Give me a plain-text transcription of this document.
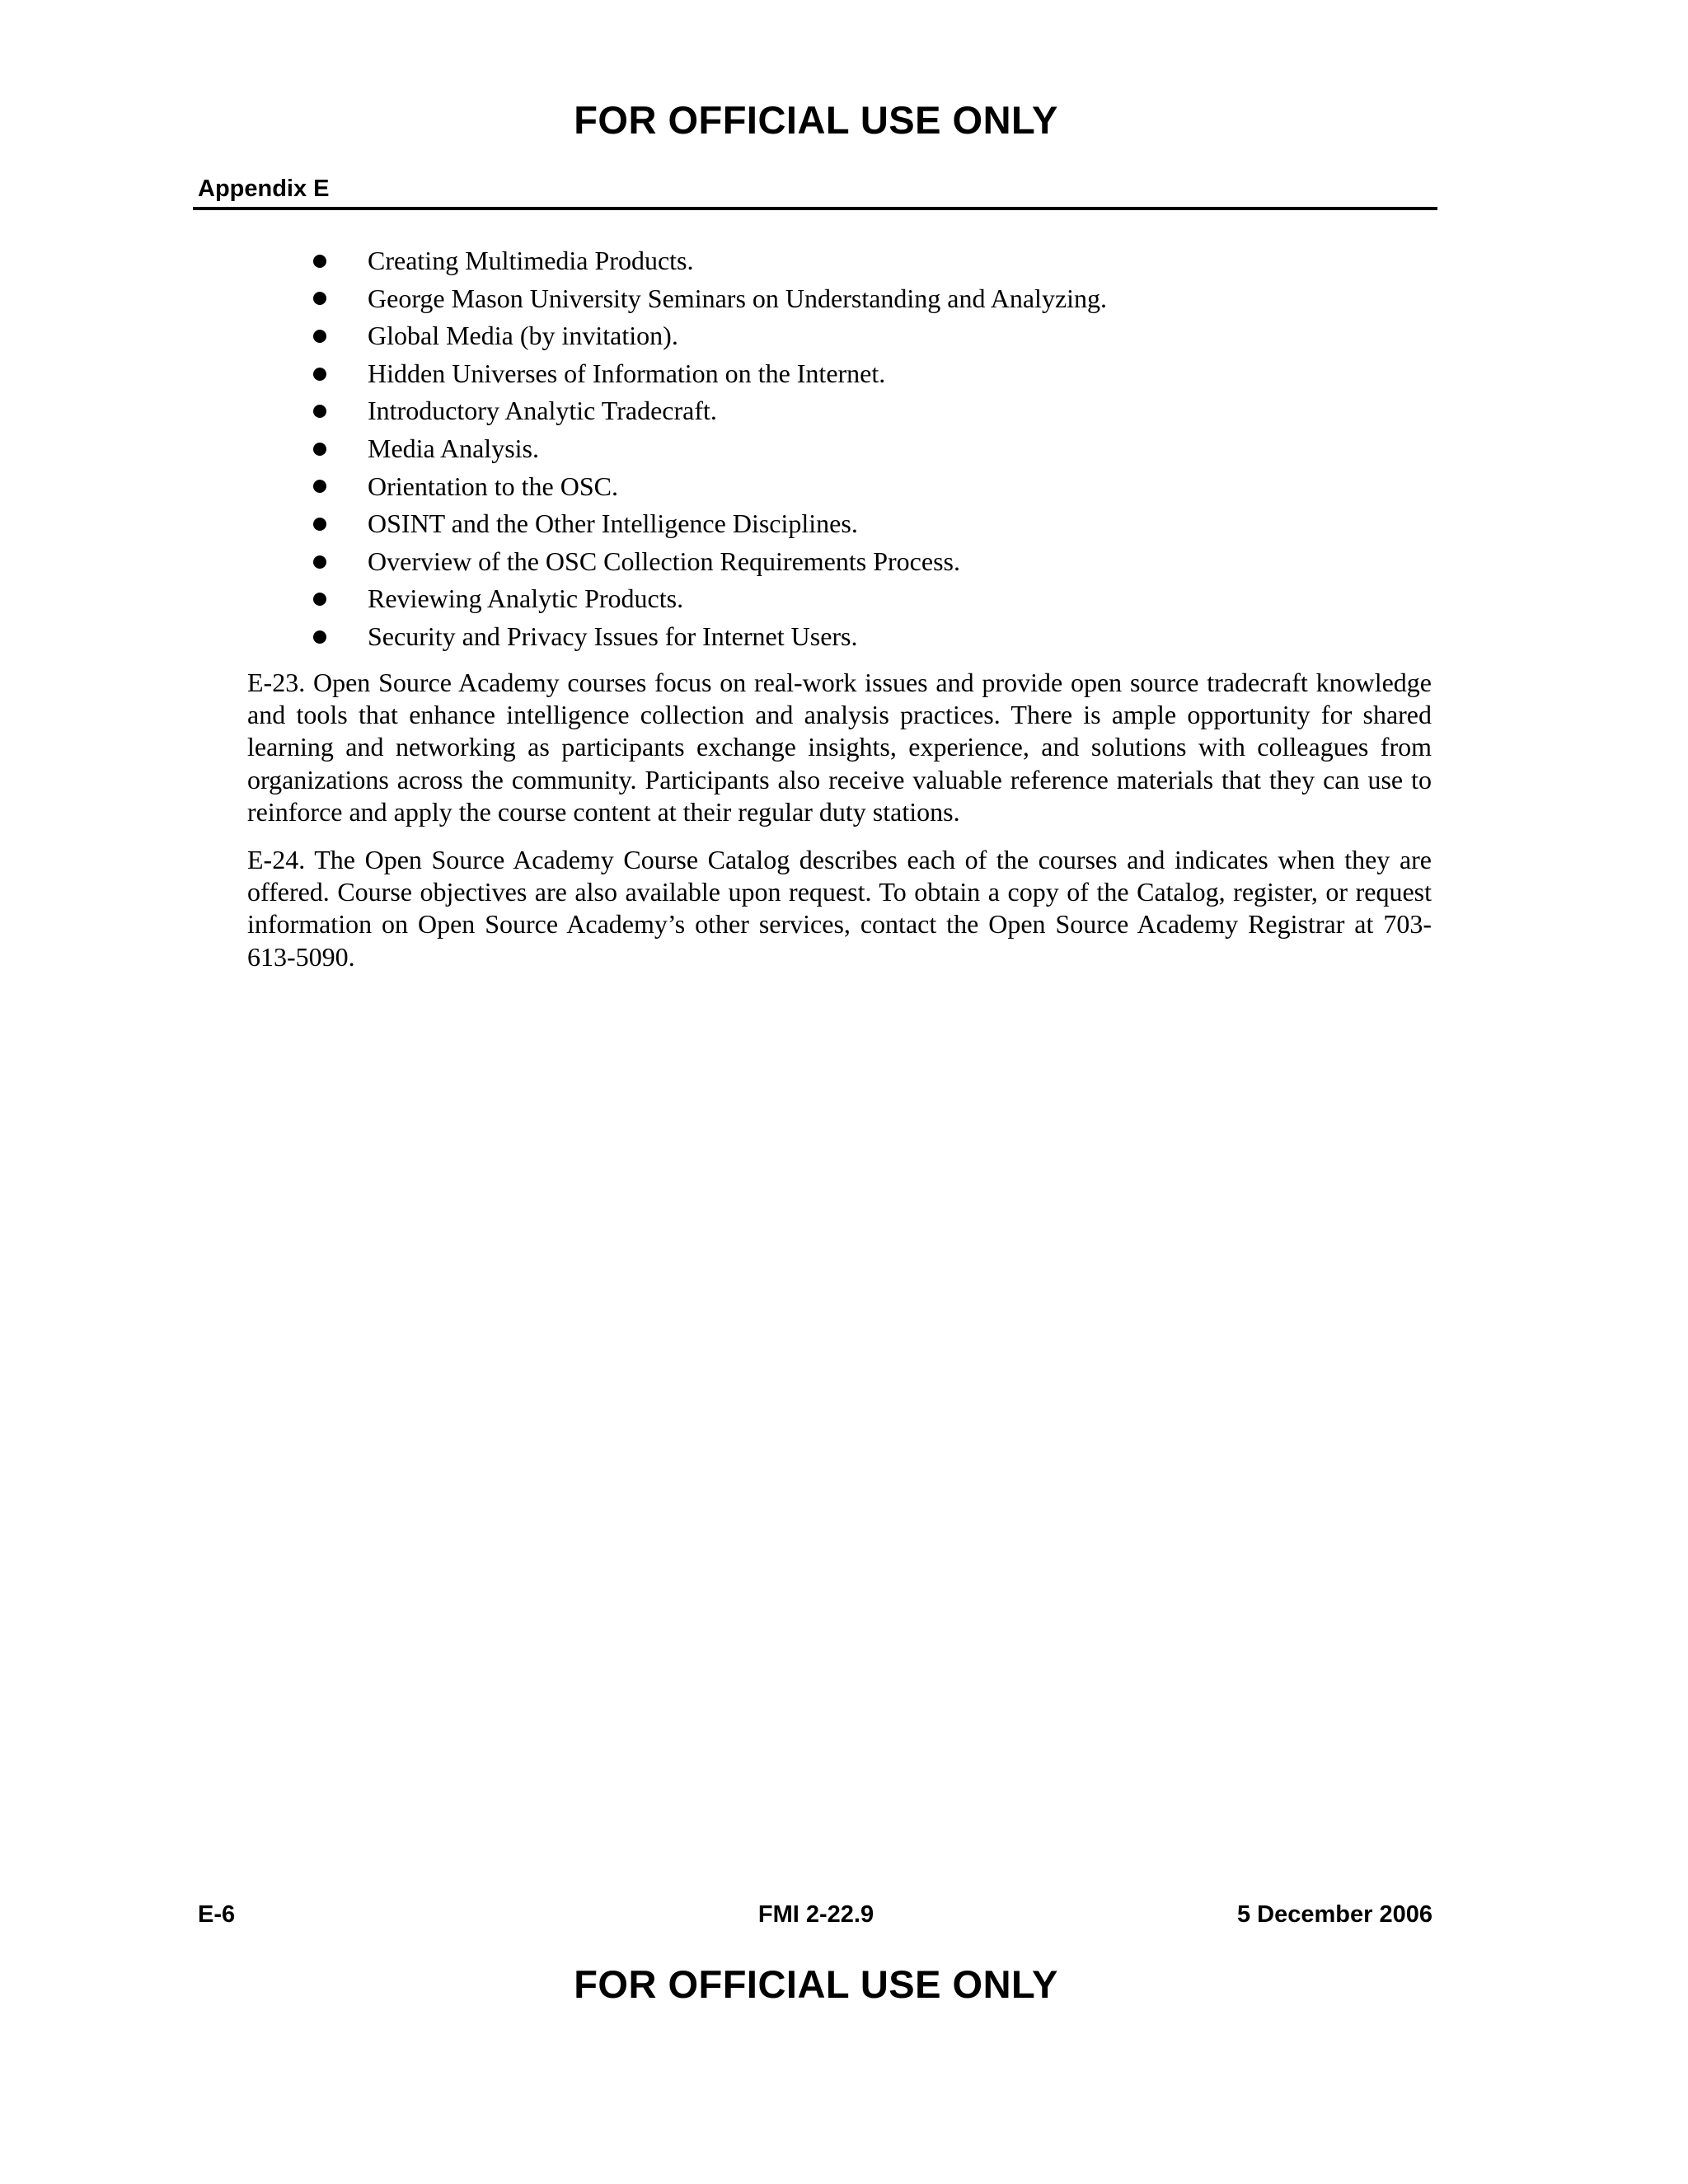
FOR OFFICIAL USE ONLY
Appendix E
Creating Multimedia Products.
George Mason University Seminars on Understanding and Analyzing.
Global Media (by invitation).
Hidden Universes of Information on the Internet.
Introductory Analytic Tradecraft.
Media Analysis.
Orientation to the OSC.
OSINT and the Other Intelligence Disciplines.
Overview of the OSC Collection Requirements Process.
Reviewing Analytic Products.
Security and Privacy Issues for Internet Users.

E-23. Open Source Academy courses focus on real-work issues and provide open source tradecraft knowledge and tools that enhance intelligence collection and analysis practices. There is ample opportunity for shared learning and networking as participants exchange insights, experience, and solutions with colleagues from organizations across the community. Participants also receive valuable reference materials that they can use to reinforce and apply the course content at their regular duty stations.

E-24. The Open Source Academy Course Catalog describes each of the courses and indicates when they are offered. Course objectives are also available upon request. To obtain a copy of the Catalog, register, or request information on Open Source Academy’s other services, contact the Open Source Academy Registrar at 703-613-5090.

E-6	FMI 2-22.9	5 December 2006
FOR OFFICIAL USE ONLY
